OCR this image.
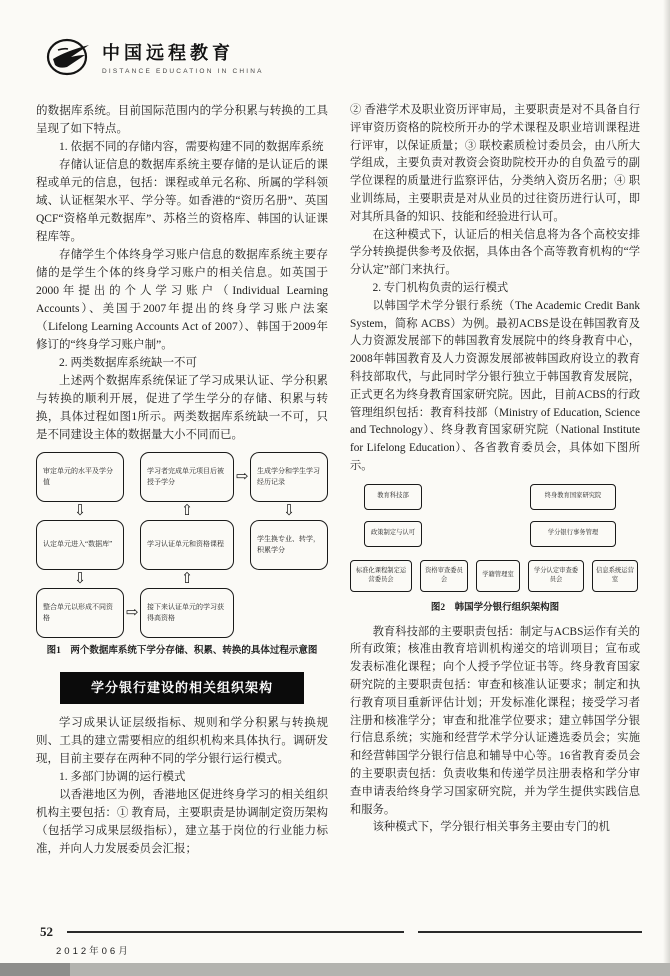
中国远程教育
DISTANCE EDUCATION IN CHINA

的数据库系统。目前国际范围内的学分积累与转换的工具呈现了如下特点。

1. 依据不同的存储内容，需要构建不同的数据库系统

存储认证信息的数据库系统主要存储的是认证后的课程或单元的信息，包括：课程或单元名称、所属的学科领域、认证框架水平、学分等。如香港的“资历名册”、英国QCF“资格单元数据库”、苏格兰的资格库、韩国的认证课程库等。

存储学生个体终身学习账户信息的数据库系统主要存储的是学生个体的终身学习账户的相关信息。如英国于2000年提出的个人学习账户（Individual Learning Accounts）、美国于2007年提出的终身学习账户法案（Lifelong Learning Accounts Act of 2007）、韩国于2009年修订的“终身学习账户制”。

2. 两类数据库系统缺一不可

上述两个数据库系统保证了学习成果认证、学分积累与转换的顺利开展，促进了学生学分的存储、积累与转换，具体过程如图1所示。两类数据库系统缺一不可，只是不同建设主体的数据量大小不同而已。

审定单元的水平及学分值
学习者完成单元项目后被授予学分	⇨	生成学分和学生学习经历记录
⇩	⇧	⇩
认定单元进入“数据库”	学习认证单元和资格课程
学生换专业、转学，积累学分
⇩	⇧
整合单元以形成不同资格	⇨	接下来认证单元的学习获得高资格

图1　两个数据库系统下学分存储、积累、转换的具体过程示意图

学分银行建设的相关组织架构

学习成果认证层级指标、规则和学分积累与转换规则、工具的建立需要相应的组织机构来具体执行。调研发现，目前主要存在两种不同的学分银行运行模式。

1. 多部门协调的运行模式

以香港地区为例，香港地区促进终身学习的相关组织机构主要包括：① 教育局，主要职责是协调制定资历架构（包括学习成果层级指标），建立基于岗位的行业能力标准，并向人力发展委员会汇报；

② 香港学术及职业资历评审局，主要职责是对不具备自行评审资历资格的院校所开办的学术课程及职业培训课程进行评审，以保证质量；③ 联校素质检讨委员会，由八所大学组成，主要负责对教资会资助院校开办的自负盈亏的副学位课程的质量进行监察评估，分类纳入资历名册；④ 职业训练局，主要职责是对从业员的过往资历进行认可，即对其所具备的知识、技能和经验进行认可。

在这种模式下，认证后的相关信息将为各个高校安排学分转换提供参考及依据，具体由各个高等教育机构的“学分认定”部门来执行。

2. 专门机构负责的运行模式

以韩国学术学分银行系统（The Academic Credit Bank System，简称 ACBS）为例。最初ACBS是设在韩国教育及人力资源发展部下的韩国教育发展院中的终身教育中心，2008年韩国教育及人力资源发展部被韩国政府设立的教育科技部取代，与此同时学分银行独立于韩国教育发展院，正式更名为终身教育国家研究院。因此，目前ACBS的行政管理组织包括：教育科技部（Ministry of Education, Science and Technology）、终身教育国家研究院（National Institute for Lifelong Education）、各省教育委员会，具体如下图所示。

教育科技部	终身教育国家研究院
政策制定与认可	学分银行事务管理
标准化课程制定运营委员会
资格审查委员会
学籍管理室
学分认定审查委员会
信息系统运营室

图2　韩国学分银行组织架构图

教育科技部的主要职责包括：制定与ACBS运作有关的所有政策；核准由教育培训机构递交的培训项目；宣布或发表标准化课程；向个人授予学位证书等。终身教育国家研究院的主要职责包括：审查和核准认证要求；制定和执行教育项目重新评估计划；开发标准化课程；接受学习者注册和核准学分；审查和批准学位要求；建立韩国学分银行信息系统；实施和经营学术学分认证遴选委员会；实施和经营韩国学分银行信息和辅导中心等。16省教育委员会的主要职责包括：负责收集和传递学员注册表格和学分审查申请表给终身学习国家研究院，并为学生提供实践信息和服务。

该种模式下，学分银行相关事务主要由专门的机

52
2012年06月
